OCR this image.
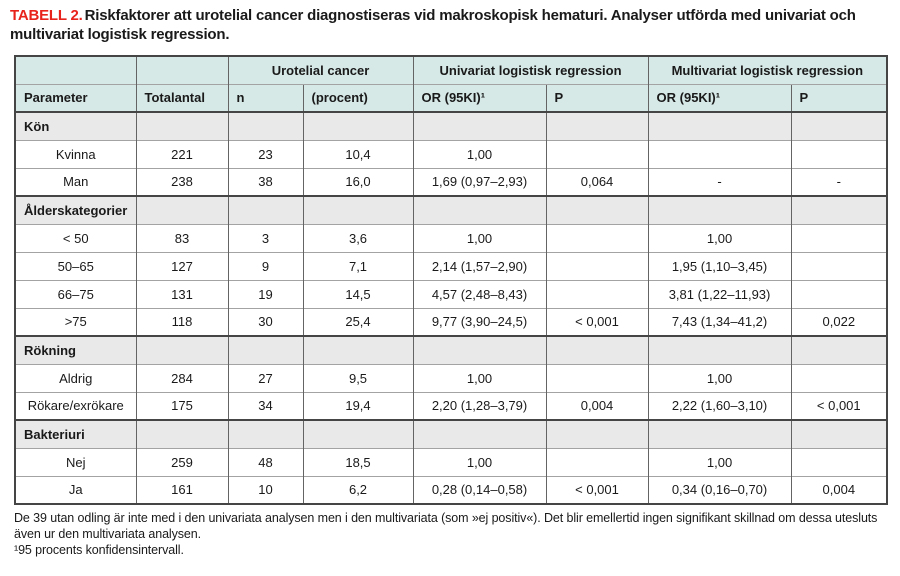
TABELL 2. Riskfaktorer att urotelial cancer diagnostiseras vid makroskopisk hematuri. Analyser utförda med univariat och multivariat logistisk regression.
		Urotelial cancer		Univariat logistisk regression		Multivariat logistisk regression	
Parameter	Totalantal	n	(procent)	OR (95KI)¹	P	OR (95KI)¹	P
Kön							
Kvinna	221	23	10,4	1,00			
Man	238	38	16,0	1,69 (0,97–2,93)	0,064	-	-
Ålderskategorier							
< 50	83	3	3,6	1,00		1,00	
50–65	127	9	7,1	2,14 (1,57–2,90)		1,95 (1,10–3,45)	
66–75	131	19	14,5	4,57 (2,48–8,43)		3,81 (1,22–11,93)	
>75	118	30	25,4	9,77 (3,90–24,5)	< 0,001	7,43 (1,34–41,2)	0,022
Rökning							
Aldrig	284	27	9,5	1,00		1,00	
Rökare/exrökare	175	34	19,4	2,20 (1,28–3,79)	0,004	2,22 (1,60–3,10)	< 0,001
Bakteriuri							
Nej	259	48	18,5	1,00		1,00	
Ja	161	10	6,2	0,28 (0,14–0,58)	< 0,001	0,34 (0,16–0,70)	0,004

De 39 utan odling är inte med i den univariata analysen men i den multivariata (som »ej positiv«). Det blir emellertid ingen signifikant skillnad om dessa utesluts även ur den multivariata analysen.

¹95 procents konfidensintervall.
